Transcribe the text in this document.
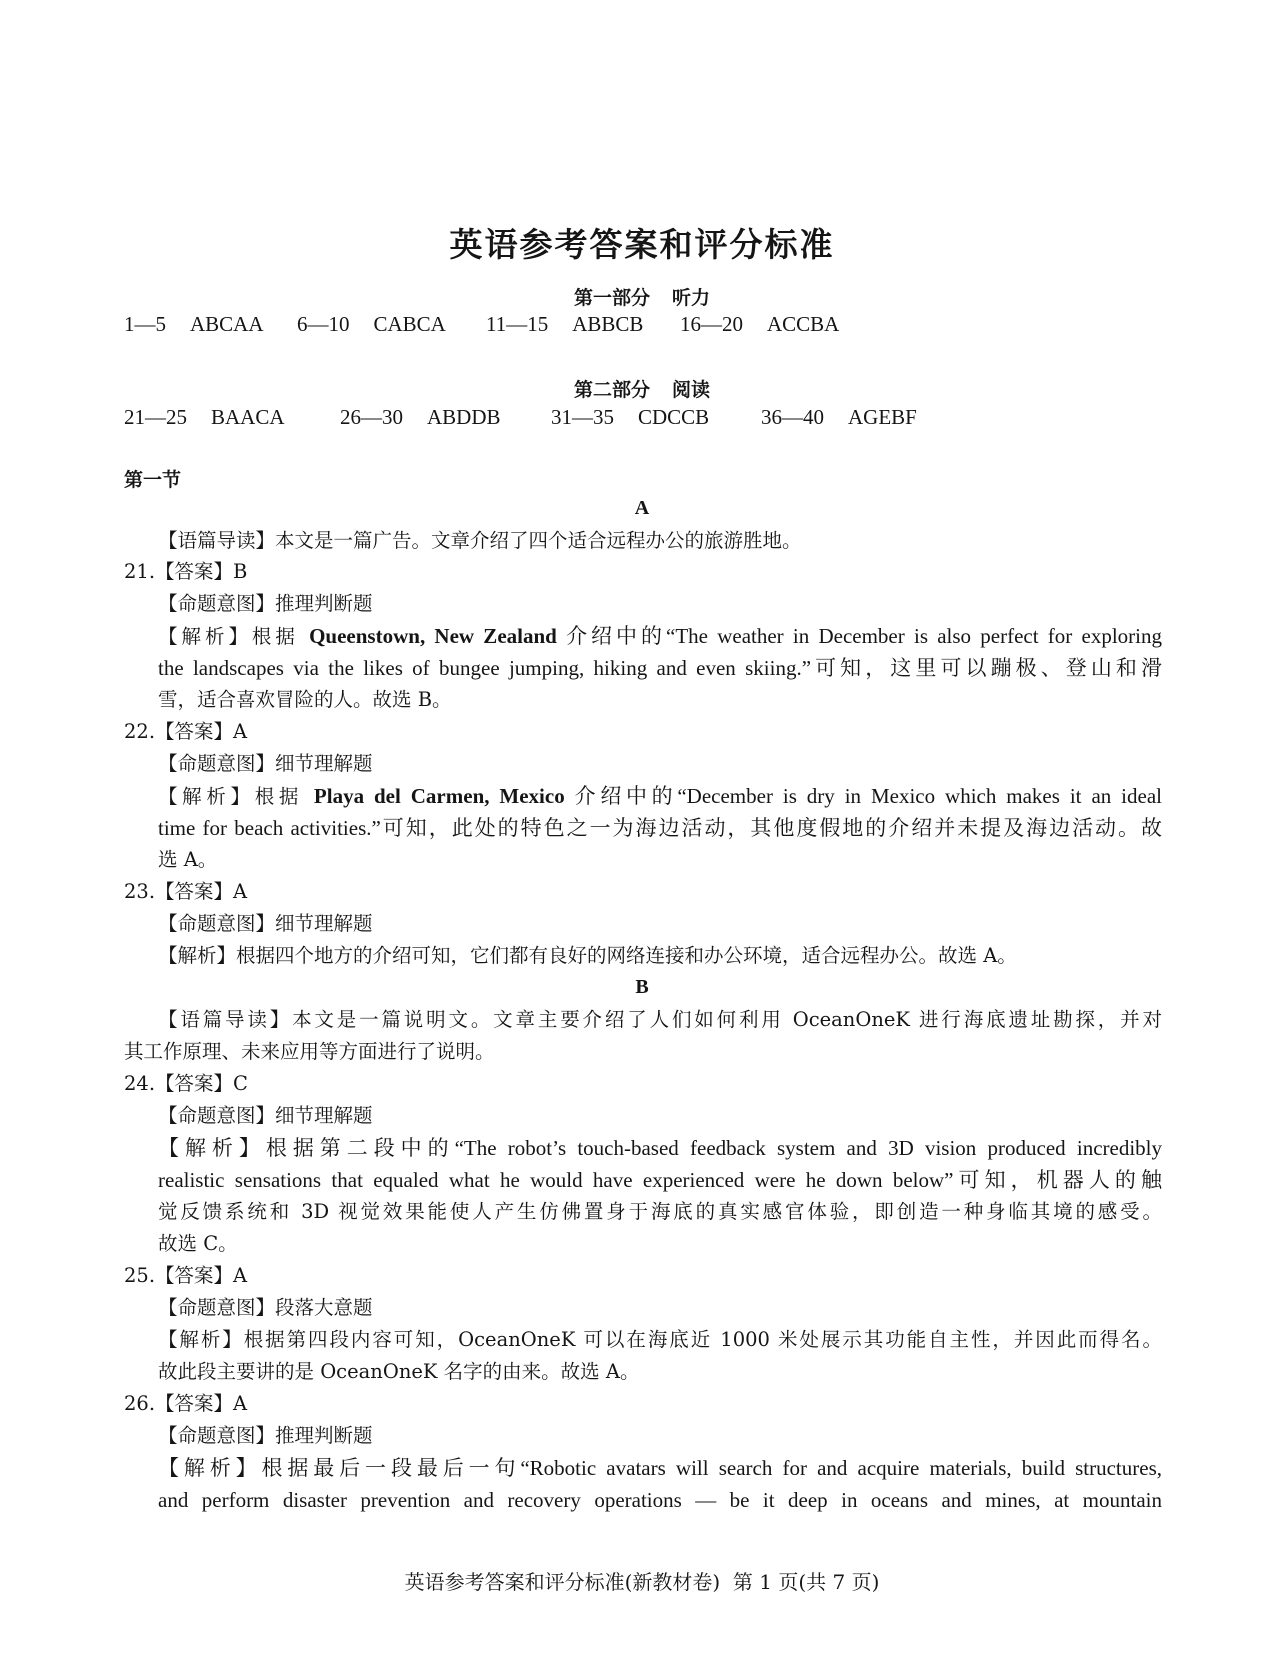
英语参考答案和评分标准
第一部分 听力
1—5 ABCAA 6—10 CABCA 11—15 ABBCB 16—20 ACCBA
第二部分 阅读
21—25 BAACA	26—30 ABDDB 31—35 CDCCB 36—40 AGEBF
第一节
A
【语篇导读】本文是一篇广告。文章介绍了四个适合远程办公的旅游胜地。
21.【答案】B
【命题意图】推理判断题
【解析】根据 Queenstown, New Zealand 介绍中的“The weather in December is also perfect for exploring
the landscapes via the likes of bungee jumping, hiking and even skiing.”可知，这里可以蹦极、登山和滑
雪，适合喜欢冒险的人。故选 B。
22.【答案】A
【命题意图】细节理解题
【解析】根据 Playa del Carmen, Mexico 介绍中的“December is dry in Mexico which makes it an ideal
time for beach activities.”可知，此处的特色之一为海边活动，其他度假地的介绍并未提及海边活动。故
选 A。
23.【答案】A
【命题意图】细节理解题
【解析】根据四个地方的介绍可知，它们都有良好的网络连接和办公环境，适合远程办公。故选 A。
B
【语篇导读】本文是一篇说明文。文章主要介绍了人们如何利用 OceanOneK 进行海底遗址勘探，并对
其工作原理、未来应用等方面进行了说明。
24.【答案】C
【命题意图】细节理解题
【解析】根据第二段中的“The robot’s touch-based feedback system and 3D vision produced incredibly
realistic sensations that equaled what he would have experienced were he down below”可知，机器人的触
觉反馈系统和 3D 视觉效果能使人产生仿佛置身于海底的真实感官体验，即创造一种身临其境的感受。
故选 C。
25.【答案】A
【命题意图】段落大意题
【解析】根据第四段内容可知，OceanOneK 可以在海底近 1000 米处展示其功能自主性，并因此而得名。
故此段主要讲的是 OceanOneK 名字的由来。故选 A。
26.【答案】A
【命题意图】推理判断题
【解析】根据最后一段最后一句“Robotic avatars will search for and acquire materials, build structures,
and perform disaster prevention and recovery operations — be it deep in oceans and mines, at mountain
英语参考答案和评分标准(新教材卷)  第 1 页(共 7 页)
